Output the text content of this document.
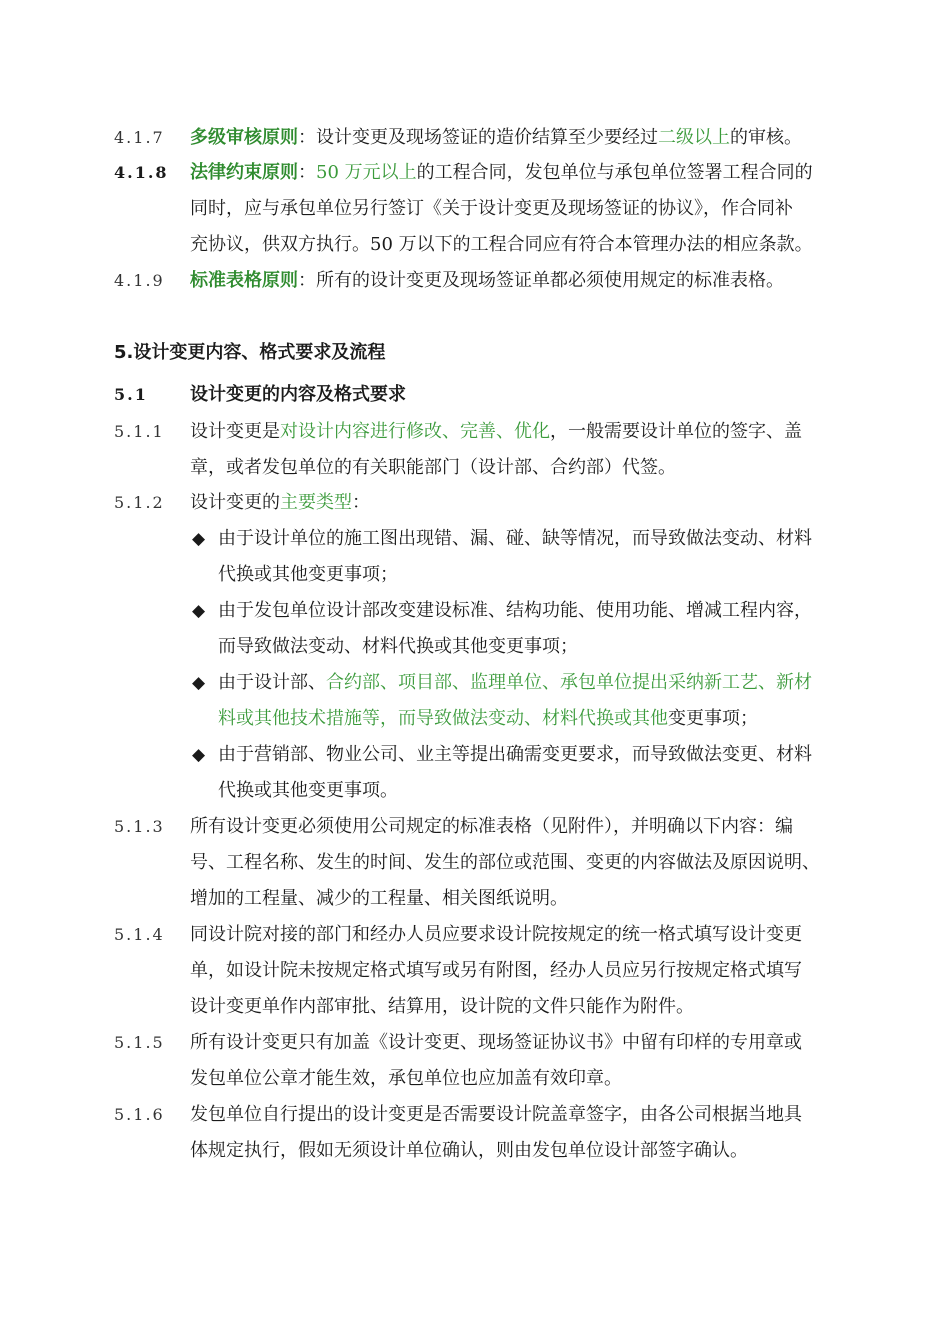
4.1.7 多级审核原则：设计变更及现场签证的造价结算至少要经过二级以上的审核。
4.1.8 法律约束原则：50 万元以上的工程合同，发包单位与承包单位签署工程合同的
同时，应与承包单位另行签订《关于设计变更及现场签证的协议》，作合同补
充协议，供双方执行。50 万以下的工程合同应有符合本管理办法的相应条款。
4.1.9 标准表格原则：所有的设计变更及现场签证单都必须使用规定的标准表格。
5.设计变更内容、格式要求及流程
5.1 设计变更的内容及格式要求
5.1.1 设计变更是对设计内容进行修改、完善、优化，一般需要设计单位的签字、盖
章，或者发包单位的有关职能部门（设计部、合约部）代签。
5.1.2 设计变更的主要类型：
◆ 由于设计单位的施工图出现错、漏、碰、缺等情况，而导致做法变动、材料
代换或其他变更事项；
◆ 由于发包单位设计部改变建设标准、结构功能、使用功能、增减工程内容，
而导致做法变动、材料代换或其他变更事项；
◆ 由于设计部、合约部、项目部、监理单位、承包单位提出采纳新工艺、新材
料或其他技术措施等，而导致做法变动、材料代换或其他变更事项；
◆ 由于营销部、物业公司、业主等提出确需变更要求，而导致做法变更、材料
代换或其他变更事项。
5.1.3 所有设计变更必须使用公司规定的标准表格（见附件），并明确以下内容：编
号、工程名称、发生的时间、发生的部位或范围、变更的内容做法及原因说明、
增加的工程量、减少的工程量、相关图纸说明。
5.1.4 同设计院对接的部门和经办人员应要求设计院按规定的统一格式填写设计变更
单，如设计院未按规定格式填写或另有附图，经办人员应另行按规定格式填写
设计变更单作内部审批、结算用，设计院的文件只能作为附件。
5.1.5 所有设计变更只有加盖《设计变更、现场签证协议书》中留有印样的专用章或
发包单位公章才能生效，承包单位也应加盖有效印章。
5.1.6 发包单位自行提出的设计变更是否需要设计院盖章签字，由各公司根据当地具
体规定执行，假如无须设计单位确认，则由发包单位设计部签字确认。
